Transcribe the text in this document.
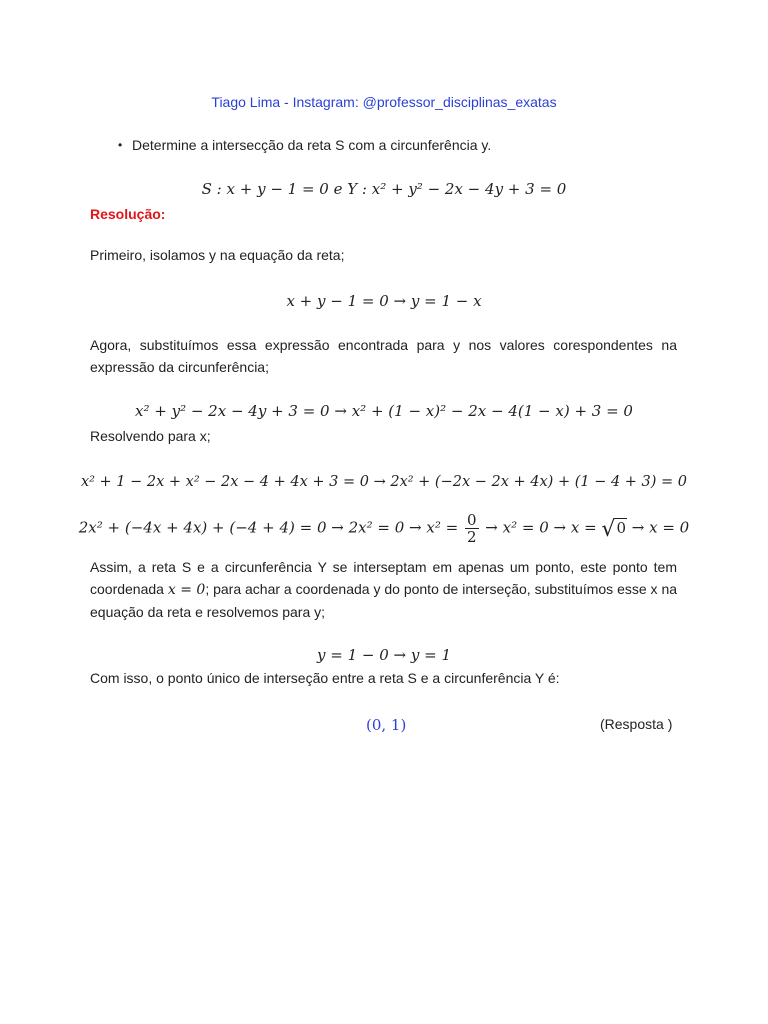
Tiago Lima - Instagram: @professor_disciplinas_exatas
• Determine a intersecção da reta S com a circunferência y.
S : x + y − 1 = 0 e Y : x² + y² − 2x − 4y + 3 = 0
Resolução:
Primeiro, isolamos y na equação da reta;
x + y − 1 = 0 → y = 1 − x
Agora, substituímos essa expressão encontrada para y nos valores corespondentes na expressão da circunferência;
x² + y² − 2x − 4y + 3 = 0 → x² + (1 − x)² − 2x − 4(1 − x) + 3 = 0
Resolvendo para x;
x² + 1 − 2x + x² − 2x − 4 + 4x + 3 = 0 → 2x² + (−2x − 2x + 4x) + (1 − 4 + 3) = 0
$2x^2 + (-4x + 4x) + (-4 + 4) = 0 \to 2x^2 = 0 \to x^2 = \frac{0}{2} \to x^2 = 0 \to x = √0 \to x = 0$
Assim, a reta S e a circunferência Y se interseptam em apenas um ponto, este ponto tem coordenada x = 0; para achar a coordenada y do ponto de interseção, substituímos esse x na equação da reta e resolvemos para y;
y = 1 − 0 → y = 1
Com isso, o ponto único de interseção entre a reta S e a circunferência Y é:
(0, 1)	(Resposta )
